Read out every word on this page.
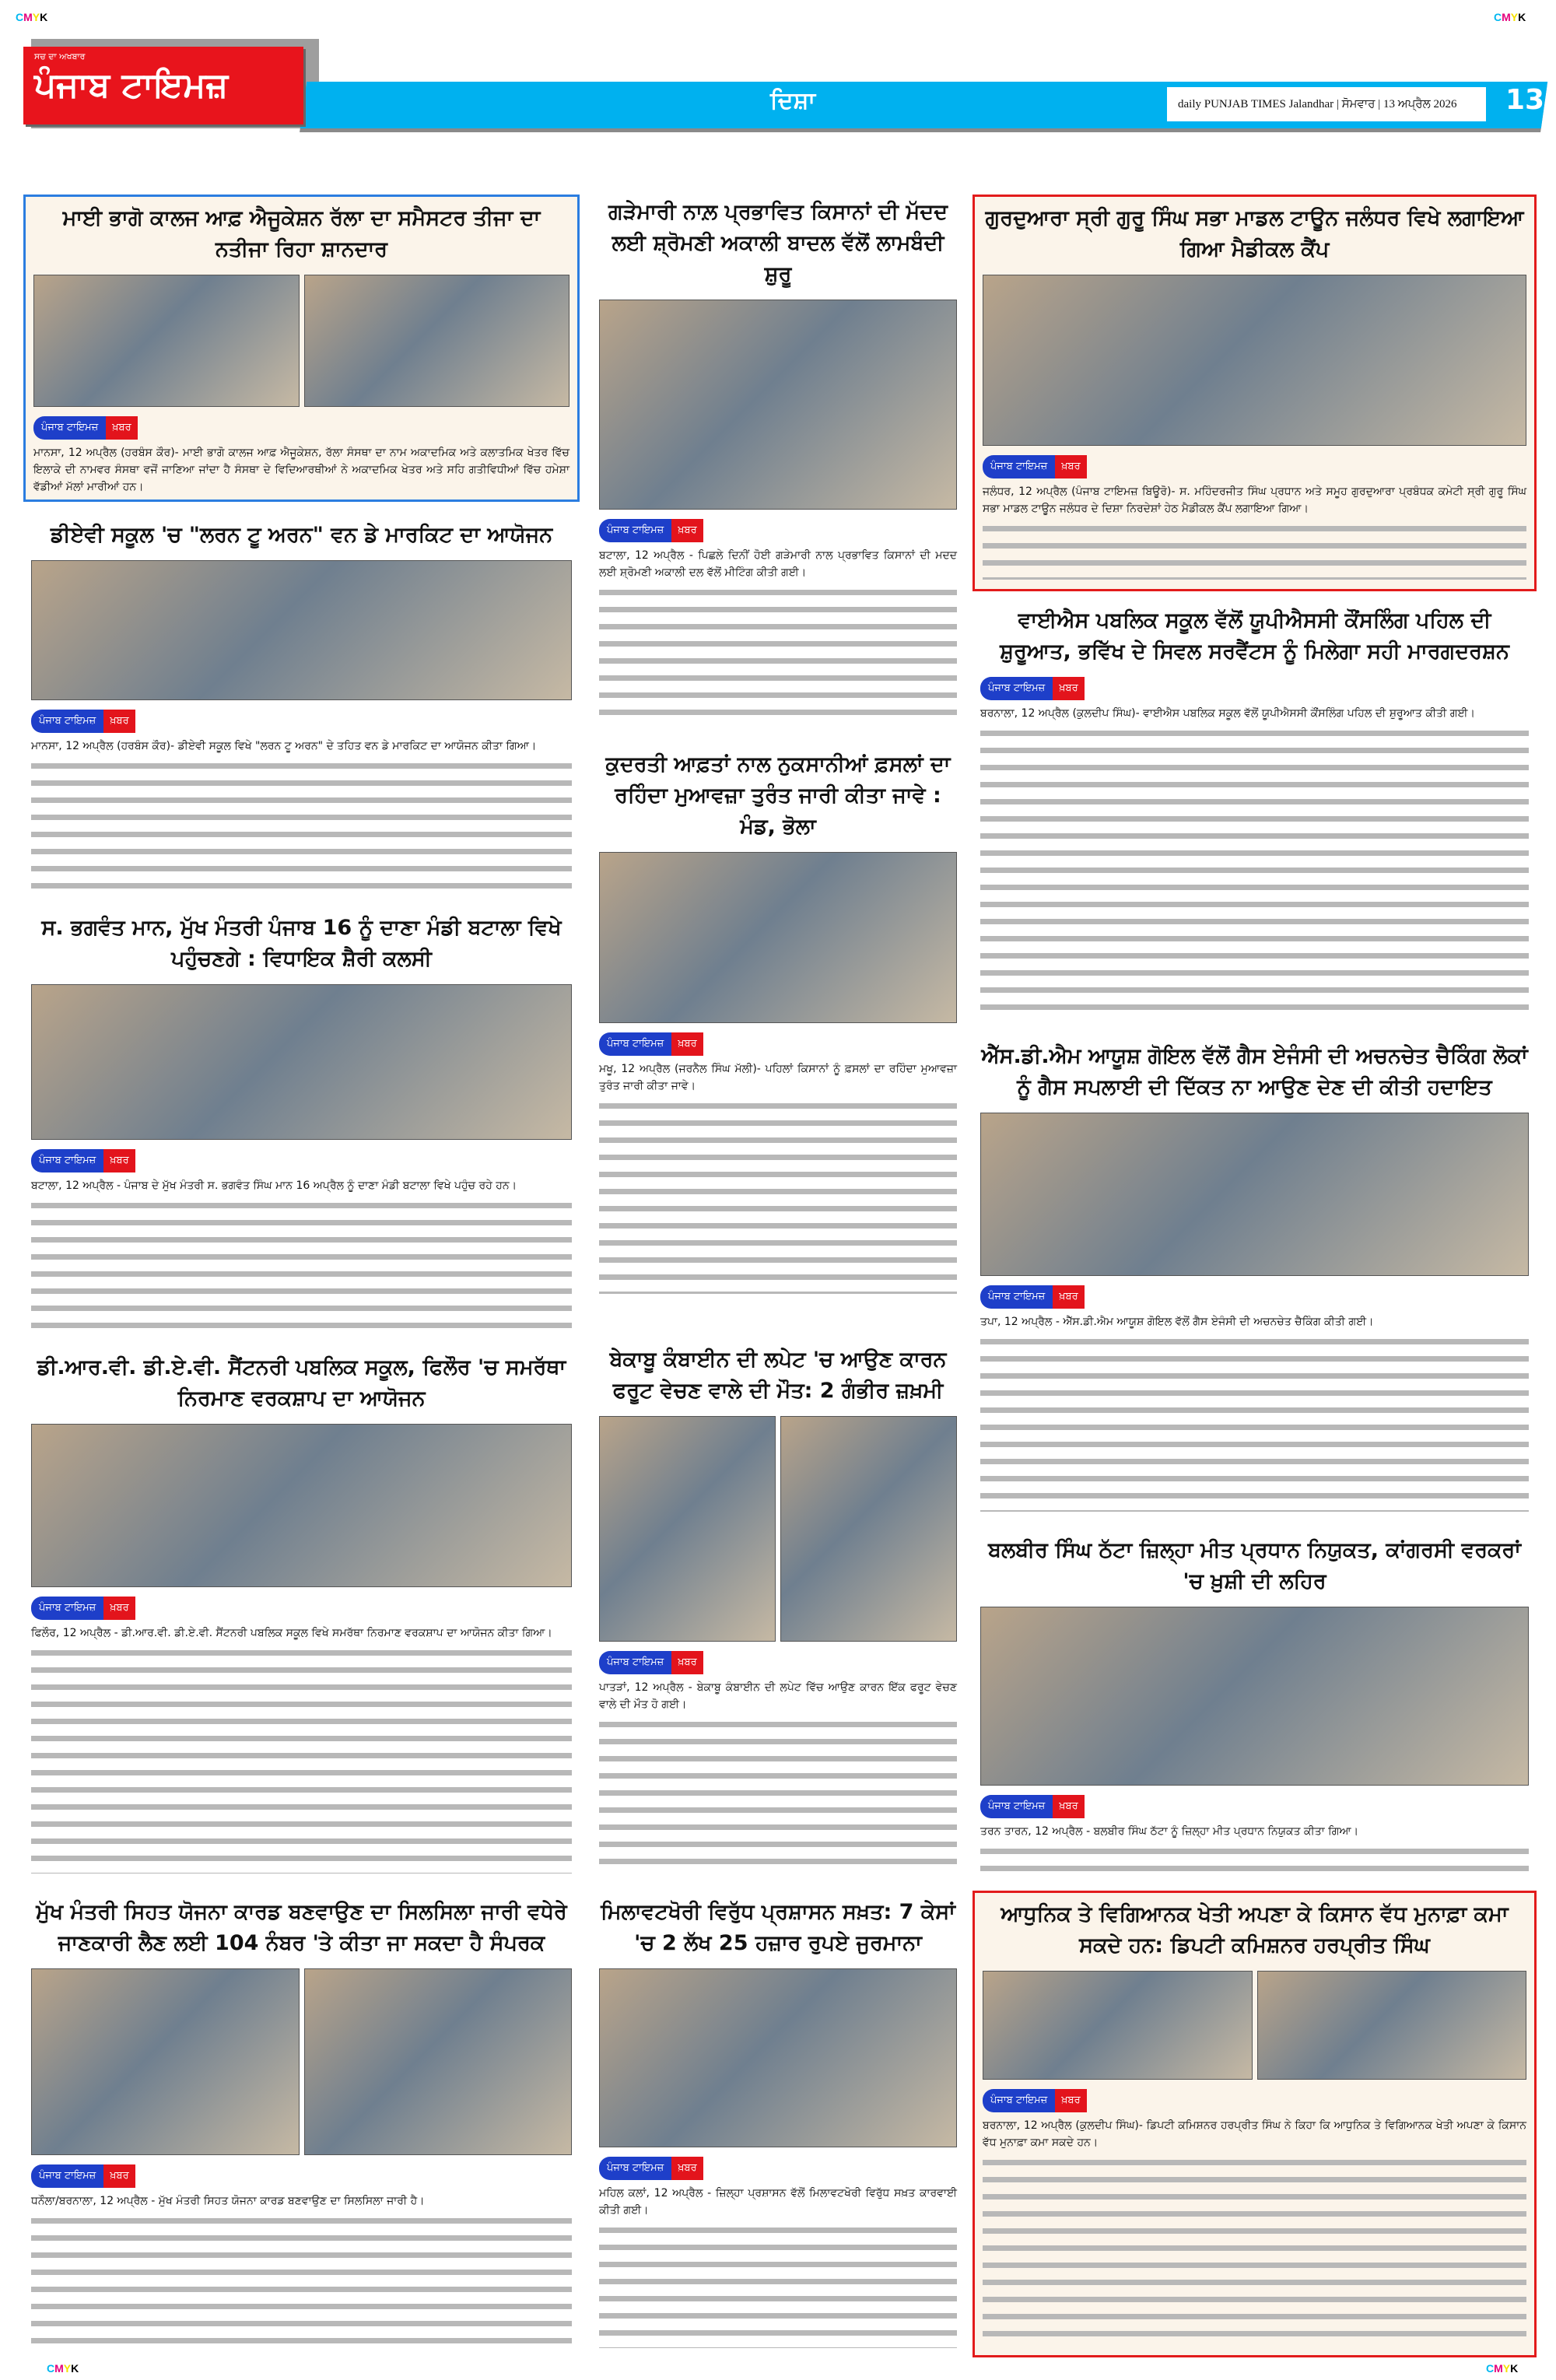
CMYK	CMYK
ਸਚ ਦਾ ਅਖਬਾਰ
ਪੰਜਾਬ ਟਾਇਮਜ਼	ਦਿਸ਼ਾ	daily PUNJAB TIMES Jalandhar | ਸੋਮਵਾਰ | 13 ਅਪ੍ਰੈਲ 2026	13
ਮਾਈ ਭਾਗੋ ਕਾਲਜ ਆਫ਼ ਐਜੂਕੇਸ਼ਨ ਰੱਲਾ ਦਾ ਸਮੈਸਟਰ ਤੀਜਾ ਦਾ ਨਤੀਜਾ ਰਿਹਾ ਸ਼ਾਨਦਾਰ
ਪੰਜਾਬ ਟਾਇਮਜ਼	ਖ਼ਬਰ

ਮਾਨਸਾ, 12 ਅਪ੍ਰੈਲ (ਹਰਬੰਸ ਕੌਰ)- ਮਾਈ ਭਾਗੋ ਕਾਲਜ ਆਫ਼ ਐਜੂਕੇਸ਼ਨ, ਰੱਲਾ ਸੰਸਥਾ ਦਾ ਨਾਮ ਅਕਾਦਮਿਕ ਅਤੇ ਕਲਾਤਮਿਕ ਖੇਤਰ ਵਿੱਚ ਇਲਾਕੇ ਦੀ ਨਾਮਵਰ ਸੰਸਥਾ ਵਜੋਂ ਜਾਣਿਆ ਜਾਂਦਾ ਹੈ ਸੰਸਥਾ ਦੇ ਵਿਦਿਆਰਥੀਆਂ ਨੇ ਅਕਾਦਮਿਕ ਖੇਤਰ ਅਤੇ ਸਹਿ ਗਤੀਵਿਧੀਆਂ ਵਿੱਚ ਹਮੇਸ਼ਾ ਵੱਡੀਆਂ ਮੱਲਾਂ ਮਾਰੀਆਂ ਹਨ।

ਗੜੇਮਾਰੀ ਨਾਲ਼ ਪ੍ਰਭਾਵਿਤ ਕਿਸਾਨਾਂ ਦੀ ਮੱਦਦ ਲਈ ਸ਼੍ਰੋਮਣੀ ਅਕਾਲੀ ਬਾਦਲ ਵੱਲੋਂ ਲਾਮਬੰਦੀ ਸ਼ੁਰੂ
ਪੰਜਾਬ ਟਾਇਮਜ਼	ਖ਼ਬਰ

ਬਟਾਲਾ, 12 ਅਪ੍ਰੈਲ - ਪਿਛਲੇ ਦਿਨੀਂ ਹੋਈ ਗੜੇਮਾਰੀ ਨਾਲ ਪ੍ਰਭਾਵਿਤ ਕਿਸਾਨਾਂ ਦੀ ਮਦਦ ਲਈ ਸ਼੍ਰੋਮਣੀ ਅਕਾਲੀ ਦਲ ਵੱਲੋਂ ਮੀਟਿੰਗ ਕੀਤੀ ਗਈ।

ਗੁਰਦੁਆਰਾ ਸ੍ਰੀ ਗੁਰੂ ਸਿੰਘ ਸਭਾ ਮਾਡਲ ਟਾਊਨ ਜਲੰਧਰ ਵਿਖੇ ਲਗਾਇਆ ਗਿਆ ਮੈਡੀਕਲ ਕੈਂਪ
ਪੰਜਾਬ ਟਾਇਮਜ਼	ਖ਼ਬਰ

ਜਲੰਧਰ, 12 ਅਪ੍ਰੈਲ (ਪੰਜਾਬ ਟਾਇਮਜ਼ ਬਿਊਰੋ)- ਸ. ਮਹਿੰਦਰਜੀਤ ਸਿੰਘ ਪ੍ਰਧਾਨ ਅਤੇ ਸਮੂਹ ਗੁਰਦੁਆਰਾ ਪ੍ਰਬੰਧਕ ਕਮੇਟੀ ਸ੍ਰੀ ਗੁਰੂ ਸਿੰਘ ਸਭਾ ਮਾਡਲ ਟਾਊਨ ਜਲੰਧਰ ਦੇ ਦਿਸ਼ਾ ਨਿਰਦੇਸ਼ਾਂ ਹੇਠ ਮੈਡੀਕਲ ਕੈਂਪ ਲਗਾਇਆ ਗਿਆ।

ਡੀਏਵੀ ਸਕੂਲ 'ਚ "ਲਰਨ ਟੂ ਅਰਨ" ਵਨ ਡੇ ਮਾਰਕਿਟ ਦਾ ਆਯੋਜਨ
ਪੰਜਾਬ ਟਾਇਮਜ਼	ਖ਼ਬਰ

ਮਾਨਸਾ, 12 ਅਪ੍ਰੈਲ (ਹਰਬੰਸ ਕੌਰ)- ਡੀਏਵੀ ਸਕੂਲ ਵਿਖੇ "ਲਰਨ ਟੂ ਅਰਨ" ਦੇ ਤਹਿਤ ਵਨ ਡੇ ਮਾਰਕਿਟ ਦਾ ਆਯੋਜਨ ਕੀਤਾ ਗਿਆ।

ਕੁਦਰਤੀ ਆਫ਼ਤਾਂ ਨਾਲ ਨੁਕਸਾਨੀਆਂ ਫ਼ਸਲਾਂ ਦਾ ਰਹਿੰਦਾ ਮੁਆਵਜ਼ਾ ਤੁਰੰਤ ਜਾਰੀ ਕੀਤਾ ਜਾਵੇ : ਮੰਡ, ਭੋਲਾ
ਪੰਜਾਬ ਟਾਇਮਜ਼	ਖ਼ਬਰ

ਮਖੂ, 12 ਅਪ੍ਰੈਲ (ਜਰਨੈਲ ਸਿੰਘ ਮੱਲੀ)- ਪਹਿਲਾਂ ਕਿਸਾਨਾਂ ਨੂੰ ਫ਼ਸਲਾਂ ਦਾ ਰਹਿੰਦਾ ਮੁਆਵਜ਼ਾ ਤੁਰੰਤ ਜਾਰੀ ਕੀਤਾ ਜਾਵੇ।

ਵਾਈਐਸ ਪਬਲਿਕ ਸਕੂਲ ਵੱਲੋਂ ਯੂਪੀਐਸਸੀ ਕੌਂਸਲਿੰਗ ਪਹਿਲ ਦੀ ਸ਼ੁਰੂਆਤ, ਭਵਿੱਖ ਦੇ ਸਿਵਲ ਸਰਵੈਂਟਸ ਨੂੰ ਮਿਲੇਗਾ ਸਹੀ ਮਾਰਗਦਰਸ਼ਨ
ਪੰਜਾਬ ਟਾਇਮਜ਼	ਖ਼ਬਰ

ਬਰਨਾਲਾ, 12 ਅਪ੍ਰੈਲ (ਕੁਲਦੀਪ ਸਿੰਘ)- ਵਾਈਐਸ ਪਬਲਿਕ ਸਕੂਲ ਵੱਲੋਂ ਯੂਪੀਐਸਸੀ ਕੌਂਸਲਿੰਗ ਪਹਿਲ ਦੀ ਸ਼ੁਰੂਆਤ ਕੀਤੀ ਗਈ।

ਸ. ਭਗਵੰਤ ਮਾਨ, ਮੁੱਖ ਮੰਤਰੀ ਪੰਜਾਬ 16 ਨੂੰ ਦਾਣਾ ਮੰਡੀ ਬਟਾਲਾ ਵਿਖੇ ਪਹੁੰਚਣਗੇ : ਵਿਧਾਇਕ ਸ਼ੈਰੀ ਕਲਸੀ
ਪੰਜਾਬ ਟਾਇਮਜ਼	ਖ਼ਬਰ

ਬਟਾਲਾ, 12 ਅਪ੍ਰੈਲ - ਪੰਜਾਬ ਦੇ ਮੁੱਖ ਮੰਤਰੀ ਸ. ਭਗਵੰਤ ਸਿੰਘ ਮਾਨ 16 ਅਪ੍ਰੈਲ ਨੂੰ ਦਾਣਾ ਮੰਡੀ ਬਟਾਲਾ ਵਿਖੇ ਪਹੁੰਚ ਰਹੇ ਹਨ।

ਐੱਸ.ਡੀ.ਐਮ ਆਯੂਸ਼ ਗੋਇਲ ਵੱਲੋਂ ਗੈਸ ਏਜੰਸੀ ਦੀ ਅਚਨਚੇਤ ਚੈਕਿੰਗ ਲੋਕਾਂ ਨੂੰ ਗੈਸ ਸਪਲਾਈ ਦੀ ਦਿੱਕਤ ਨਾ ਆਉਣ ਦੇਣ ਦੀ ਕੀਤੀ ਹਦਾਇਤ
ਪੰਜਾਬ ਟਾਇਮਜ਼	ਖ਼ਬਰ

ਤਪਾ, 12 ਅਪ੍ਰੈਲ - ਐੱਸ.ਡੀ.ਐਮ ਆਯੂਸ਼ ਗੋਇਲ ਵੱਲੋਂ ਗੈਸ ਏਜੰਸੀ ਦੀ ਅਚਨਚੇਤ ਚੈਕਿੰਗ ਕੀਤੀ ਗਈ।

ਡੀ.ਆਰ.ਵੀ. ਡੀ.ਏ.ਵੀ. ਸੈਂਟਨਰੀ ਪਬਲਿਕ ਸਕੂਲ, ਫਿਲੌਰ 'ਚ ਸਮਰੱਥਾ ਨਿਰਮਾਣ ਵਰਕਸ਼ਾਪ ਦਾ ਆਯੋਜਨ
ਪੰਜਾਬ ਟਾਇਮਜ਼	ਖ਼ਬਰ

ਫਿਲੌਰ, 12 ਅਪ੍ਰੈਲ - ਡੀ.ਆਰ.ਵੀ. ਡੀ.ਏ.ਵੀ. ਸੈਂਟਨਰੀ ਪਬਲਿਕ ਸਕੂਲ ਵਿਖੇ ਸਮਰੱਥਾ ਨਿਰਮਾਣ ਵਰਕਸ਼ਾਪ ਦਾ ਆਯੋਜਨ ਕੀਤਾ ਗਿਆ।

ਬੇਕਾਬੂ ਕੰਬਾਈਨ ਦੀ ਲਪੇਟ 'ਚ ਆਉਣ ਕਾਰਨ ਫਰੂਟ ਵੇਚਣ ਵਾਲੇ ਦੀ ਮੌਤ: 2 ਗੰਭੀਰ ਜ਼ਖ਼ਮੀ
ਪੰਜਾਬ ਟਾਇਮਜ਼	ਖ਼ਬਰ

ਪਾਤੜਾਂ, 12 ਅਪ੍ਰੈਲ - ਬੇਕਾਬੂ ਕੰਬਾਈਨ ਦੀ ਲਪੇਟ ਵਿੱਚ ਆਉਣ ਕਾਰਨ ਇੱਕ ਫਰੂਟ ਵੇਚਣ ਵਾਲੇ ਦੀ ਮੌਤ ਹੋ ਗਈ।

ਬਲਬੀਰ ਸਿੰਘ ਠੱਟਾ ਜ਼ਿਲ੍ਹਾ ਮੀਤ ਪ੍ਰਧਾਨ ਨਿਯੁਕਤ, ਕਾਂਗਰਸੀ ਵਰਕਰਾਂ 'ਚ ਖ਼ੁਸ਼ੀ ਦੀ ਲਹਿਰ
ਪੰਜਾਬ ਟਾਇਮਜ਼	ਖ਼ਬਰ

ਤਰਨ ਤਾਰਨ, 12 ਅਪ੍ਰੈਲ - ਬਲਬੀਰ ਸਿੰਘ ਠੱਟਾ ਨੂੰ ਜ਼ਿਲ੍ਹਾ ਮੀਤ ਪ੍ਰਧਾਨ ਨਿਯੁਕਤ ਕੀਤਾ ਗਿਆ।

ਮੁੱਖ ਮੰਤਰੀ ਸਿਹਤ ਯੋਜਨਾ ਕਾਰਡ ਬਣਵਾਉਣ ਦਾ ਸਿਲਸਿਲਾ ਜਾਰੀ ਵਧੇਰੇ ਜਾਣਕਾਰੀ ਲੈਣ ਲਈ 104 ਨੰਬਰ 'ਤੇ ਕੀਤਾ ਜਾ ਸਕਦਾ ਹੈ ਸੰਪਰਕ
ਪੰਜਾਬ ਟਾਇਮਜ਼	ਖ਼ਬਰ

ਧਨੌਲਾ/ਬਰਨਾਲਾ, 12 ਅਪ੍ਰੈਲ - ਮੁੱਖ ਮੰਤਰੀ ਸਿਹਤ ਯੋਜਨਾ ਕਾਰਡ ਬਣਵਾਉਣ ਦਾ ਸਿਲਸਿਲਾ ਜਾਰੀ ਹੈ।

ਮਿਲਾਵਟਖੋਰੀ ਵਿਰੁੱਧ ਪ੍ਰਸ਼ਾਸਨ ਸਖ਼ਤ: 7 ਕੇਸਾਂ 'ਚ 2 ਲੱਖ 25 ਹਜ਼ਾਰ ਰੁਪਏ ਜੁਰਮਾਨਾ
ਪੰਜਾਬ ਟਾਇਮਜ਼	ਖ਼ਬਰ

ਮਹਿਲ ਕਲਾਂ, 12 ਅਪ੍ਰੈਲ - ਜ਼ਿਲ੍ਹਾ ਪ੍ਰਸ਼ਾਸਨ ਵੱਲੋਂ ਮਿਲਾਵਟਖੋਰੀ ਵਿਰੁੱਧ ਸਖ਼ਤ ਕਾਰਵਾਈ ਕੀਤੀ ਗਈ।

ਆਧੁਨਿਕ ਤੇ ਵਿਗਿਆਨਕ ਖੇਤੀ ਅਪਣਾ ਕੇ ਕਿਸਾਨ ਵੱਧ ਮੁਨਾਫ਼ਾ ਕਮਾ ਸਕਦੇ ਹਨ: ਡਿਪਟੀ ਕਮਿਸ਼ਨਰ ਹਰਪ੍ਰੀਤ ਸਿੰਘ
ਪੰਜਾਬ ਟਾਇਮਜ਼	ਖ਼ਬਰ

ਬਰਨਾਲਾ, 12 ਅਪ੍ਰੈਲ (ਕੁਲਦੀਪ ਸਿੰਘ)- ਡਿਪਟੀ ਕਮਿਸ਼ਨਰ ਹਰਪ੍ਰੀਤ ਸਿੰਘ ਨੇ ਕਿਹਾ ਕਿ ਆਧੁਨਿਕ ਤੇ ਵਿਗਿਆਨਕ ਖੇਤੀ ਅਪਣਾ ਕੇ ਕਿਸਾਨ ਵੱਧ ਮੁਨਾਫ਼ਾ ਕਮਾ ਸਕਦੇ ਹਨ।

CMYK	CMYK
